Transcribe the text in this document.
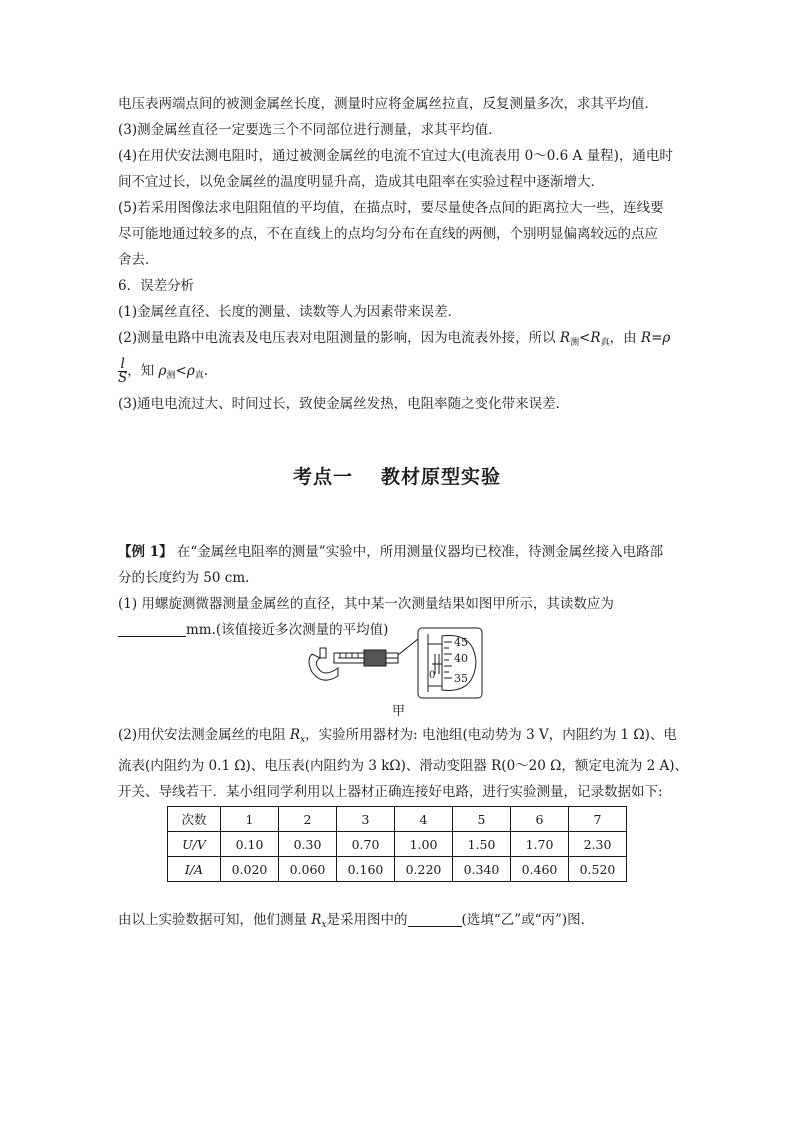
电压表两端点间的被测金属丝长度，测量时应将金属丝拉直，反复测量多次，求其平均值．
(3)测金属丝直径一定要选三个不同部位进行测量，求其平均值．
(4)在用伏安法测电阻时，通过被测金属丝的电流不宜过大(电流表用 0～0.6 A 量程)，通电时
间不宜过长，以免金属丝的温度明显升高，造成其电阻率在实验过程中逐渐增大．
(5)若采用图像法求电阻阻值的平均值，在描点时，要尽量使各点间的距离拉大一些，连线要
尽可能地通过较多的点，不在直线上的点均匀分布在直线的两侧，个别明显偏离较远的点应
舍去．
6．误差分析
(1)金属丝直径、长度的测量、读数等人为因素带来误差．
(2)测量电路中电流表及电压表对电阻测量的影响，因为电流表外接，所以 $R_测<R_真$，由 R=ρ
$\frac{l}{S}$ ，知 $\rho_测<\rho_真$.
(3)通电电流过大、时间过长，致使金属丝发热，电阻率随之变化带来误差．
考点一 教材原型实验
【例 1】 在“金属丝电阻率的测量”实验中，所用测量仪器均已校准，待测金属丝接入电路部
分的长度约为 50 cm.
(1) 用螺旋测微器测量金属丝的直径，其中某一次测量结果如图甲所示，其读数应为
mm.(该值接近多次测量的平均值)
45
40
35
0
甲
(2)用伏安法测金属丝的电阻 $R_x$，实验所用器材为: 电池组(电动势为 3 V，内阻约为 1 Ω)、电
流表(内阻约为 0.1 Ω)、电压表(内阻约为 3 kΩ)、滑动变阻器 R(0～20 Ω，额定电流为 2 A)、
开关、导线若干．某小组同学利用以上器材正确连接好电路，进行实验测量，记录数据如下:
次数	1	2	3	4	5	6	7
U/V	0.10	0.30	0.70	1.00	1.50	1.70	2.30
I/A	0.020	0.060	0.160	0.220	0.340	0.460	0.520
由以上实验数据可知，他们测量 $R_x$是采用图中的	(选填“乙”或“丙”)图．
